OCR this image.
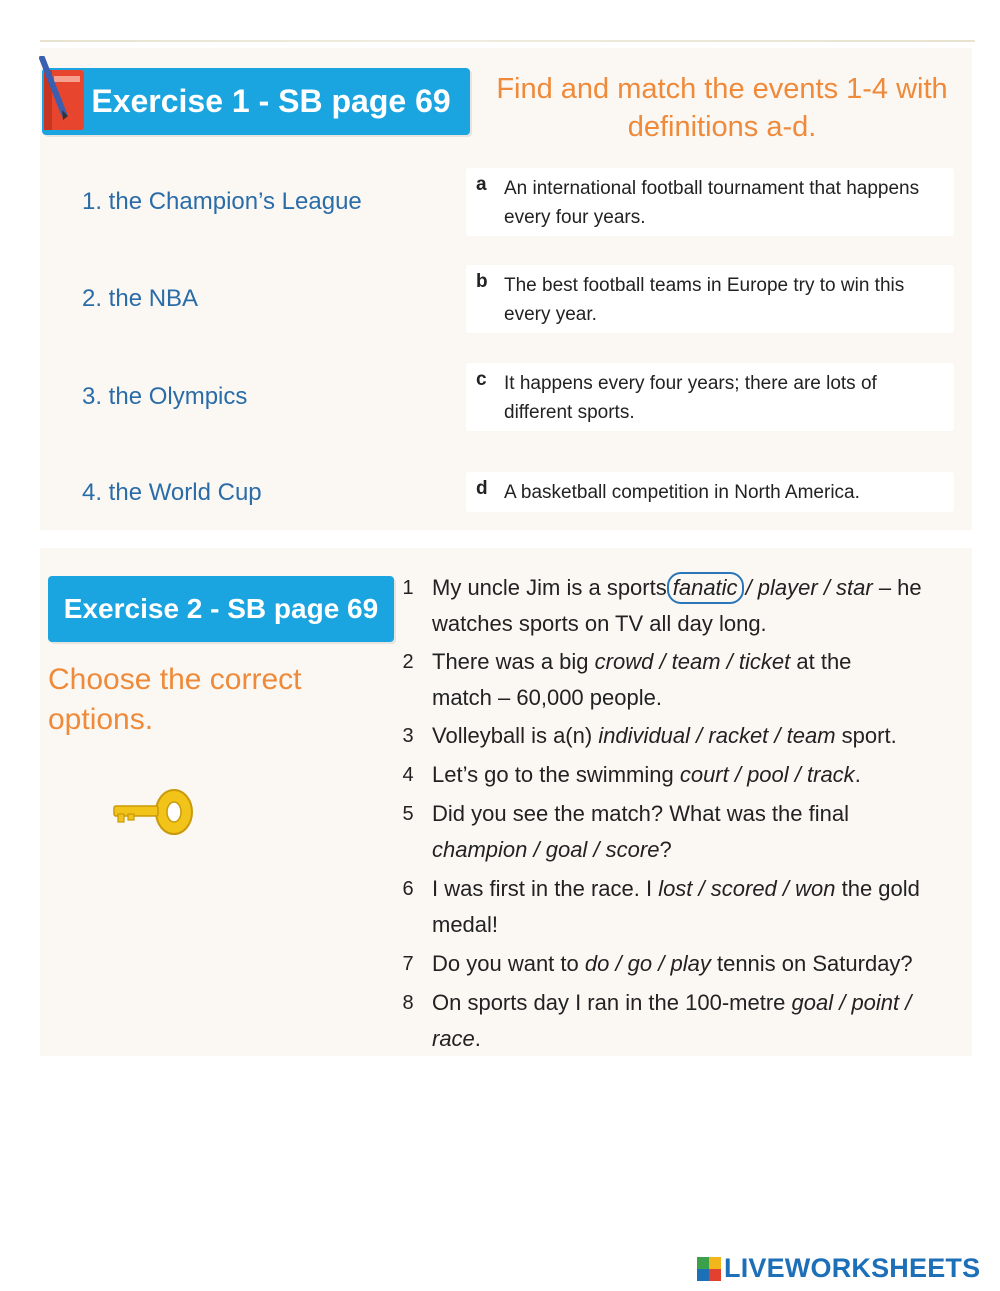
Exercise 1 - SB page 69	Find and match the events 1-4 with definitions a-d.
1. the Champion’s League
2. the NBA
3. the Olympics
4. the World Cup
a An international football tournament that happens every four years.
b The best football teams in Europe try to win this every year.
c It happens every four years; there are lots of different sports.
d A basketball competition in North America.
Exercise 2 - SB page 69
Choose the correct options.
1 My uncle Jim is a sports fanatic / player / star – he watches sports on TV all day long.
2 There was a big crowd / team / ticket at the match – 60,000 people.
3 Volleyball is a(n) individual / racket / team sport.
4 Let’s go to the swimming court / pool / track.
5 Did you see the match? What was the final champion / goal / score?
6 I was first in the race. I lost / scored / won the gold medal!
7 Do you want to do / go / play tennis on Saturday?
8 On sports day I ran in the 100-metre goal / point / race.
LIVEWORKSHEETS
